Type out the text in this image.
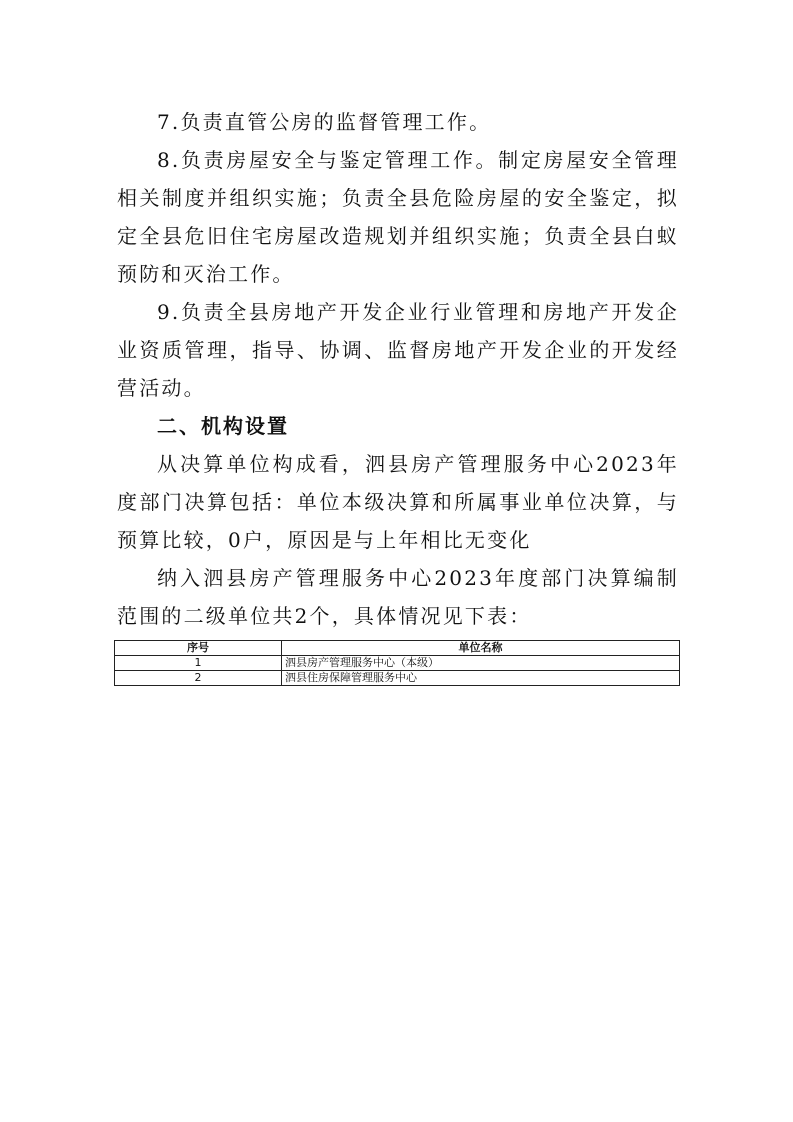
7.负责直管公房的监督管理工作。

8.负责房屋安全与鉴定管理工作。制定房屋安全管理相关制度并组织实施；负责全县危险房屋的安全鉴定，拟定全县危旧住宅房屋改造规划并组织实施；负责全县白蚁预防和灭治工作。

9.负责全县房地产开发企业行业管理和房地产开发企业资质管理，指导、协调、监督房地产开发企业的开发经营活动。

二、机构设置

从决算单位构成看，泗县房产管理服务中心2023年度部门决算包括：单位本级决算和所属事业单位决算，与预算比较，0户，原因是与上年相比无变化

纳入泗县房产管理服务中心2023年度部门决算编制范围的二级单位共2个，具体情况见下表：

序号	单位名称
1	泗县房产管理服务中心（本级）
2	泗县住房保障管理服务中心
